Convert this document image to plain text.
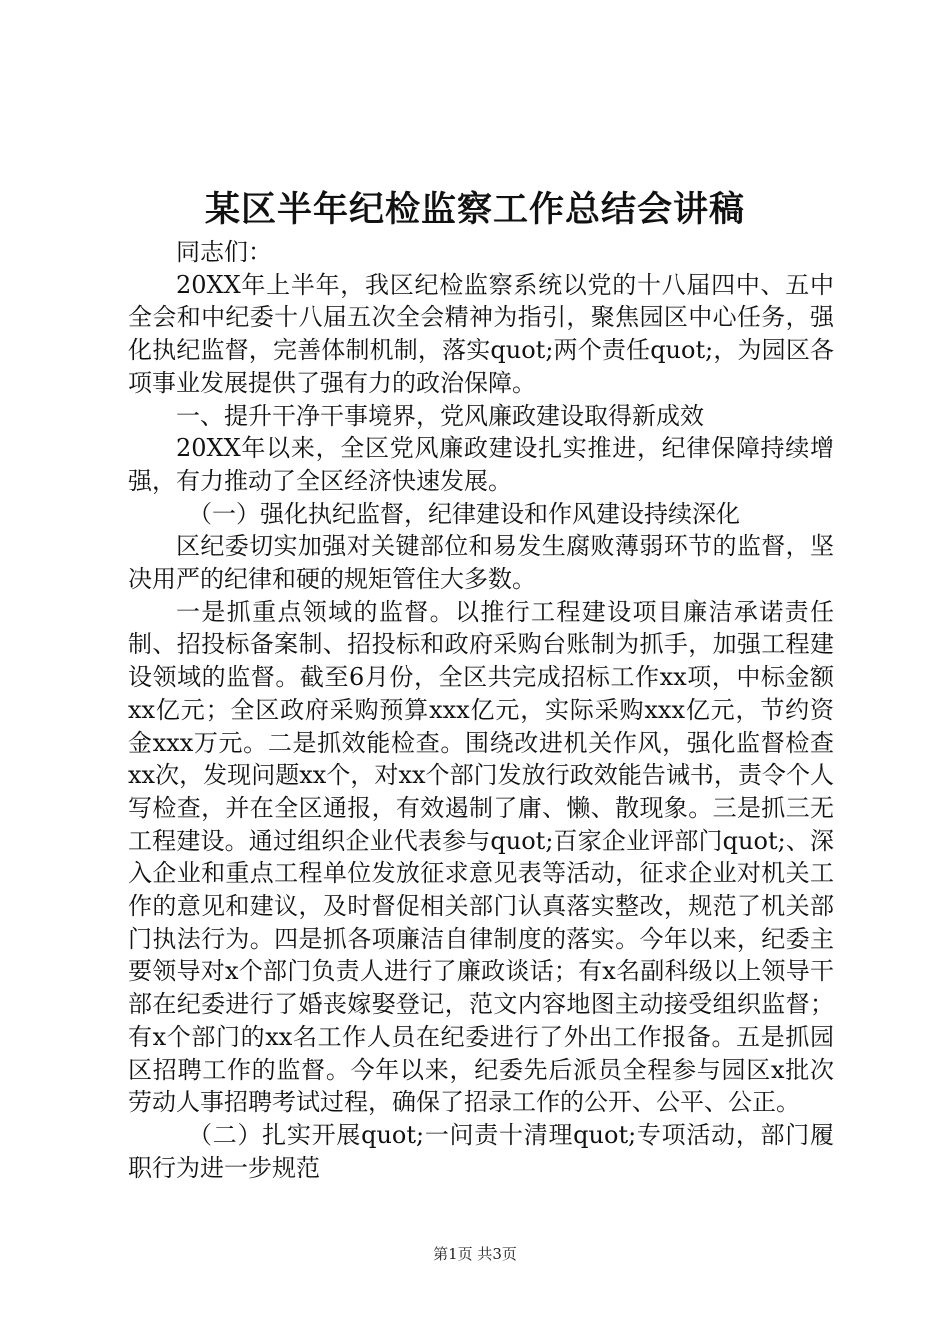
某区半年纪检监察工作总结会讲稿

同志们：

20XX年上半年，我区纪检监察系统以党的十八届四中、五中全会和中纪委十八届五次全会精神为指引，聚焦园区中心任务，强化执纪监督，完善体制机制，落实quot;两个责任quot;，为园区各项事业发展提供了强有力的政治保障。

一、提升干净干事境界，党风廉政建设取得新成效

20XX年以来，全区党风廉政建设扎实推进，纪律保障持续增强，有力推动了全区经济快速发展。

（一）强化执纪监督，纪律建设和作风建设持续深化

区纪委切实加强对关键部位和易发生腐败薄弱环节的监督，坚决用严的纪律和硬的规矩管住大多数。

一是抓重点领域的监督。以推行工程建设项目廉洁承诺责任制、招投标备案制、招投标和政府采购台账制为抓手，加强工程建设领域的监督。截至6月份，全区共完成招标工作xx项，中标金额xx亿元；全区政府采购预算xxx亿元，实际采购xxx亿元，节约资金xxx万元。二是抓效能检查。围绕改进机关作风，强化监督检查xx次，发现问题xx个，对xx个部门发放行政效能告诫书，责令个人写检查，并在全区通报，有效遏制了庸、懒、散现象。三是抓三无工程建设。通过组织企业代表参与quot;百家企业评部门quot;、深入企业和重点工程单位发放征求意见表等活动，征求企业对机关工作的意见和建议，及时督促相关部门认真落实整改，规范了机关部门执法行为。四是抓各项廉洁自律制度的落实。今年以来，纪委主要领导对x个部门负责人进行了廉政谈话；有x名副科级以上领导干部在纪委进行了婚丧嫁娶登记，范文内容地图主动接受组织监督；有x个部门的xx名工作人员在纪委进行了外出工作报备。五是抓园区招聘工作的监督。今年以来，纪委先后派员全程参与园区x批次劳动人事招聘考试过程，确保了招录工作的公开、公平、公正。

（二）扎实开展quot;一问责十清理quot;专项活动，部门履职行为进一步规范

第1页 共3页
